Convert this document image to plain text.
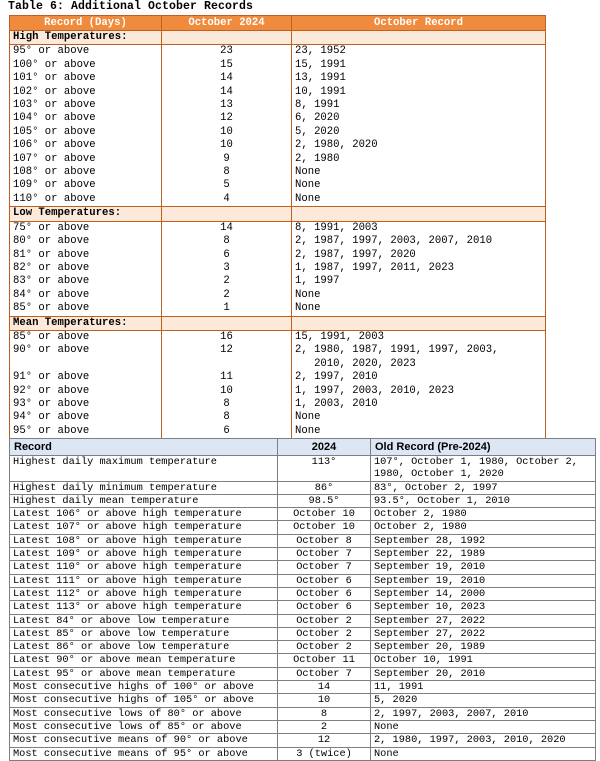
Table 6: Additional October Records
Record (Days)	October 2024	October Record
High Temperatures:		
95° or above	23	23, 1952
100° or above	15	15, 1991
101° or above	14	13, 1991
102° or above	14	10, 1991
103° or above	13	8, 1991
104° or above	12	6, 2020
105° or above	10	5, 2020
106° or above	10	2, 1980, 2020
107° or above	9	2, 1980
108° or above	8	None
109° or above	5	None
110° or above	4	None
Low Temperatures:		
75° or above	14	8, 1991, 2003
80° or above	8	2, 1987, 1997, 2003, 2007, 2010
81° or above	6	2, 1987, 1997, 2020
82° or above	3	1, 1987, 1997, 2011, 2023
83° or above	2	1, 1997
84° or above	2	None
85° or above	1	None
Mean Temperatures:		
85° or above	16	15, 1991, 2003
90° or above	12	2, 1980, 1987, 1991, 1997, 2003,
2010, 2020, 2023
91° or above	11	2, 1997, 2010
92° or above	10	1, 1997, 2003, 2010, 2023
93° or above	8	1, 2003, 2010
94° or above	8	None
95° or above	6	None
Record	2024	Old Record (Pre-2024)
Highest daily maximum temperature	113°	107°, October 1, 1980, October 2,
1980, October 1, 2020
Highest daily minimum temperature	86°	83°, October 2, 1997
Highest daily mean temperature	98.5°	93.5°, October 1, 2010
Latest 106° or above high temperature	October 10	October 2, 1980
Latest 107° or above high temperature	October 10	October 2, 1980
Latest 108° or above high temperature	October 8	September 28, 1992
Latest 109° or above high temperature	October 7	September 22, 1989
Latest 110° or above high temperature	October 7	September 19, 2010
Latest 111° or above high temperature	October 6	September 19, 2010
Latest 112° or above high temperature	October 6	September 14, 2000
Latest 113° or above high temperature	October 6	September 10, 2023
Latest 84° or above low temperature	October 2	September 27, 2022
Latest 85° or above low temperature	October 2	September 27, 2022
Latest 86° or above low temperature	October 2	September 20, 1989
Latest 90° or above mean temperature	October 11	October 10, 1991
Latest 95° or above mean temperature	October 7	September 20, 2010
Most consecutive highs of 100° or above	14	11, 1991
Most consecutive highs of 105° or above	10	5, 2020
Most consecutive lows of 80° or above	8	2, 1997, 2003, 2007, 2010
Most consecutive lows of 85° or above	2	None
Most consecutive means of 90° or above	12	2, 1980, 1997, 2003, 2010, 2020
Most consecutive means of 95° or above	3 (twice)	None
